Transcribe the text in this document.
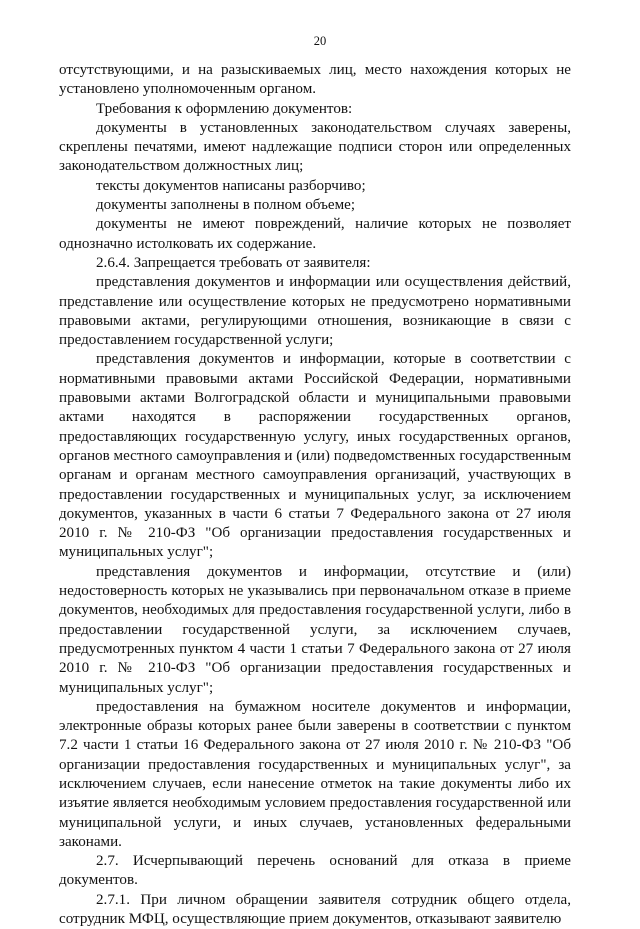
20

отсутствующими, и на разыскиваемых лиц, место нахождения которых не установлено уполномоченным органом.

Требования к оформлению документов:

документы в установленных законодательством случаях заверены, скреплены печатями, имеют надлежащие подписи сторон или определенных законодательством должностных лиц;

тексты документов написаны разборчиво;

документы заполнены в полном объеме;

документы не имеют повреждений, наличие которых не позволяет однозначно истолковать их содержание.

2.6.4. Запрещается требовать от заявителя:

представления документов и информации или осуществления действий, представление или осуществление которых не предусмотрено нормативными правовыми актами, регулирующими отношения, возникающие в связи с предоставлением государственной услуги;

представления документов и информации, которые в соответствии с нормативными правовыми актами Российской Федерации, нормативными правовыми актами Волгоградской области и муниципальными правовыми актами находятся в распоряжении государственных органов, предоставляющих государственную услугу, иных государственных органов, органов местного самоуправления и (или) подведомственных государственным органам и органам местного самоуправления организаций, участвующих в предоставлении государственных и муниципальных услуг, за исключением документов, указанных в части 6 статьи 7 Федерального закона от 27 июля 2010 г. № 210-ФЗ "Об организации предоставления государственных и муниципальных услуг";

представления документов и информации, отсутствие и (или) недостоверность которых не указывались при первоначальном отказе в приеме документов, необходимых для предоставления государственной услуги, либо в предоставлении государственной услуги, за исключением случаев, предусмотренных пунктом 4 части 1 статьи 7 Федерального закона от 27 июля 2010 г. № 210-ФЗ "Об организации предоставления государственных и муниципальных услуг";

предоставления на бумажном носителе документов и информации, электронные образы которых ранее были заверены в соответствии с пунктом 7.2 части 1 статьи 16 Федерального закона от 27 июля 2010 г. № 210-ФЗ "Об организации предоставления государственных и муниципальных услуг", за исключением случаев, если нанесение отметок на такие документы либо их изъятие является необходимым условием предоставления государственной или муниципальной услуги, и иных случаев, установленных федеральными законами.

2.7. Исчерпывающий перечень оснований для отказа в приеме документов.

2.7.1. При личном обращении заявителя сотрудник общего отдела, сотрудник МФЦ, осуществляющие прием документов, отказывают заявителю
